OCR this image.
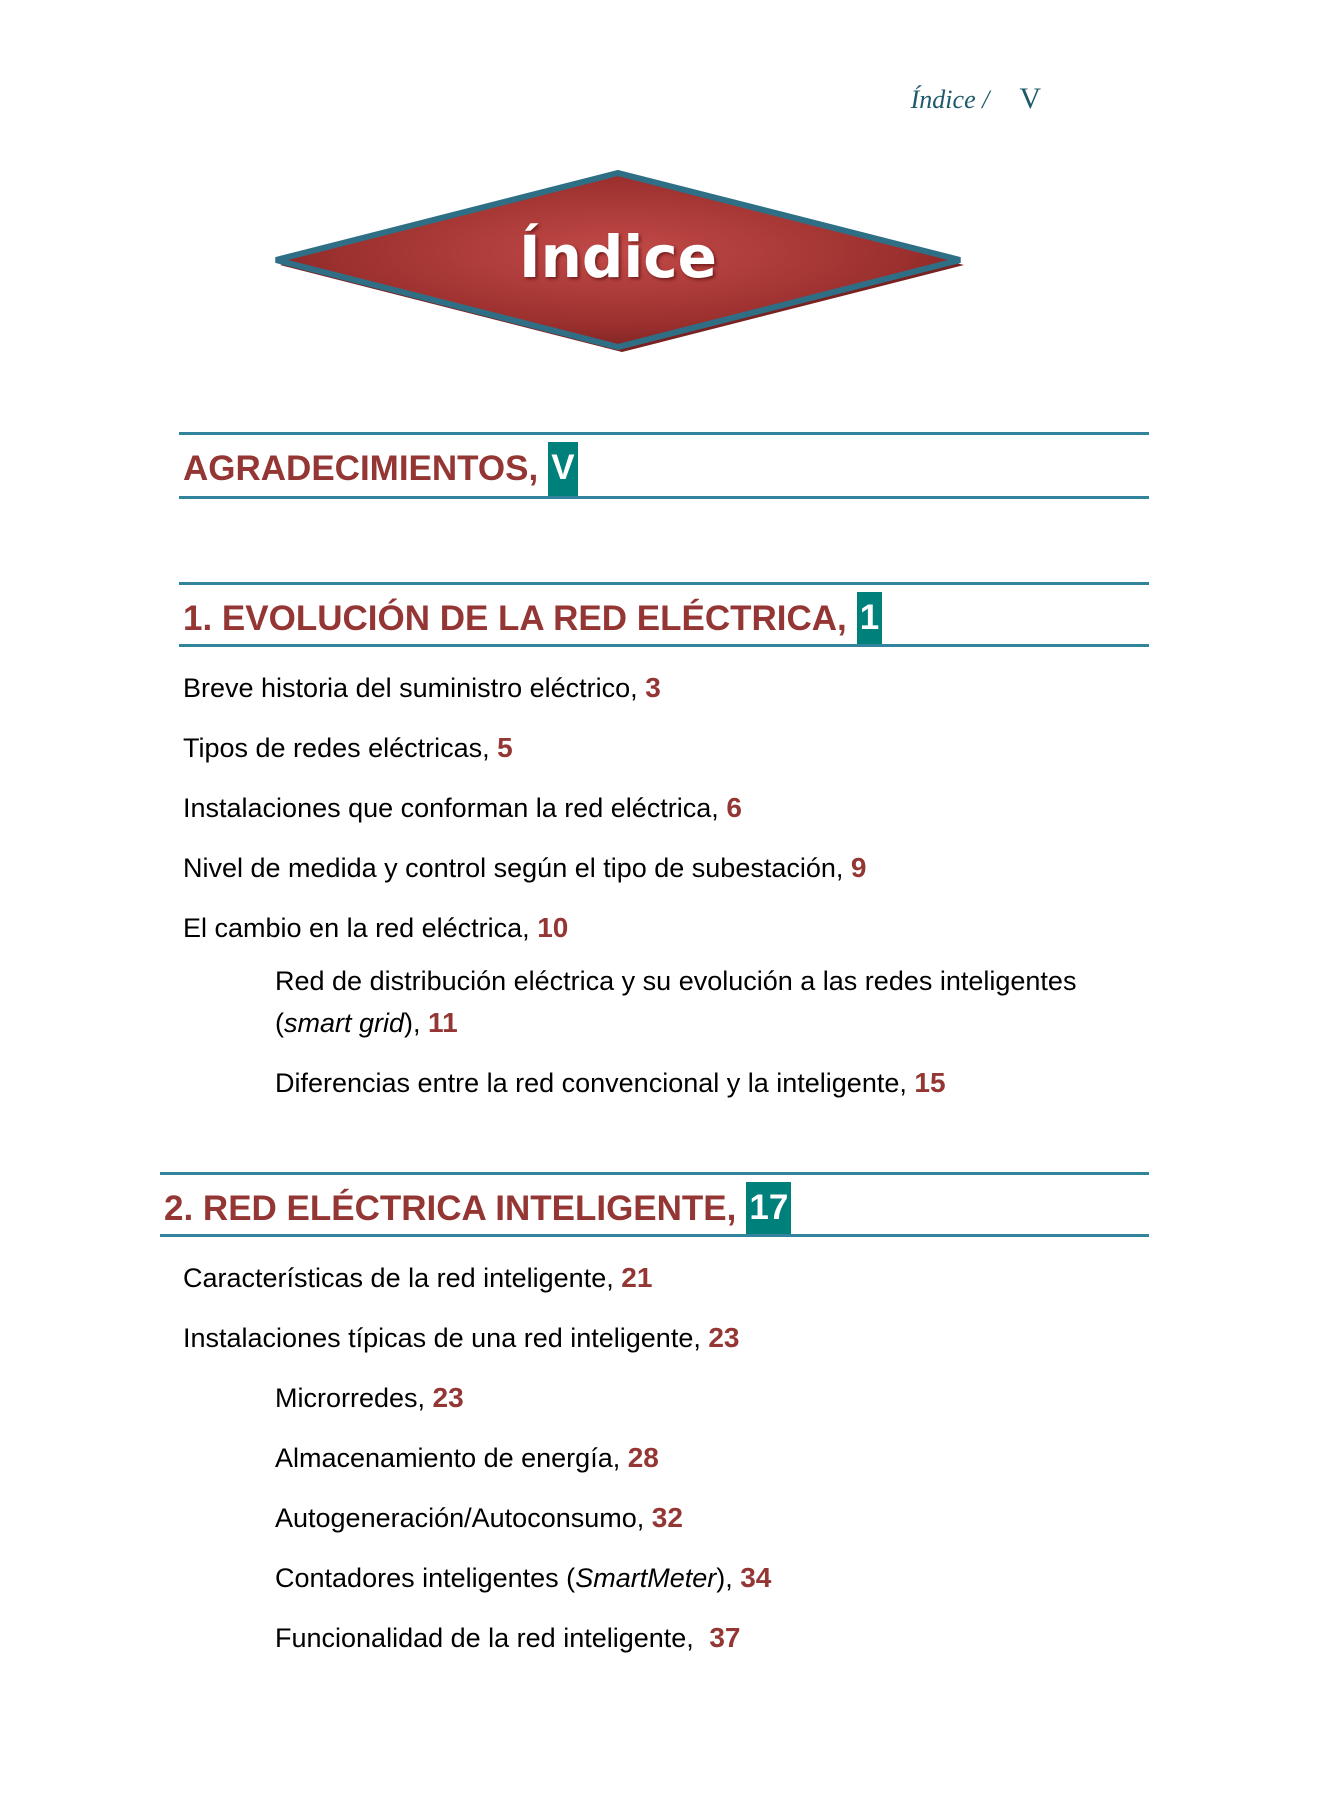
Índice / V
Índice
AGRADECIMIENTOS, V
1. EVOLUCIÓN DE LA RED ELÉCTRICA, 1
Breve historia del suministro eléctrico, 3
Tipos de redes eléctricas, 5
Instalaciones que conforman la red eléctrica, 6
Nivel de medida y control según el tipo de subestación, 9
El cambio en la red eléctrica, 10
Red de distribución eléctrica y su evolución a las redes inteligentes
(smart grid), 11
Diferencias entre la red convencional y la inteligente, 15
2. RED ELÉCTRICA INTELIGENTE, 17
Características de la red inteligente, 21
Instalaciones típicas de una red inteligente, 23
Microrredes, 23
Almacenamiento de energía, 28
Autogeneración/Autoconsumo, 32
Contadores inteligentes (SmartMeter), 34
Funcionalidad de la red inteligente, 37
